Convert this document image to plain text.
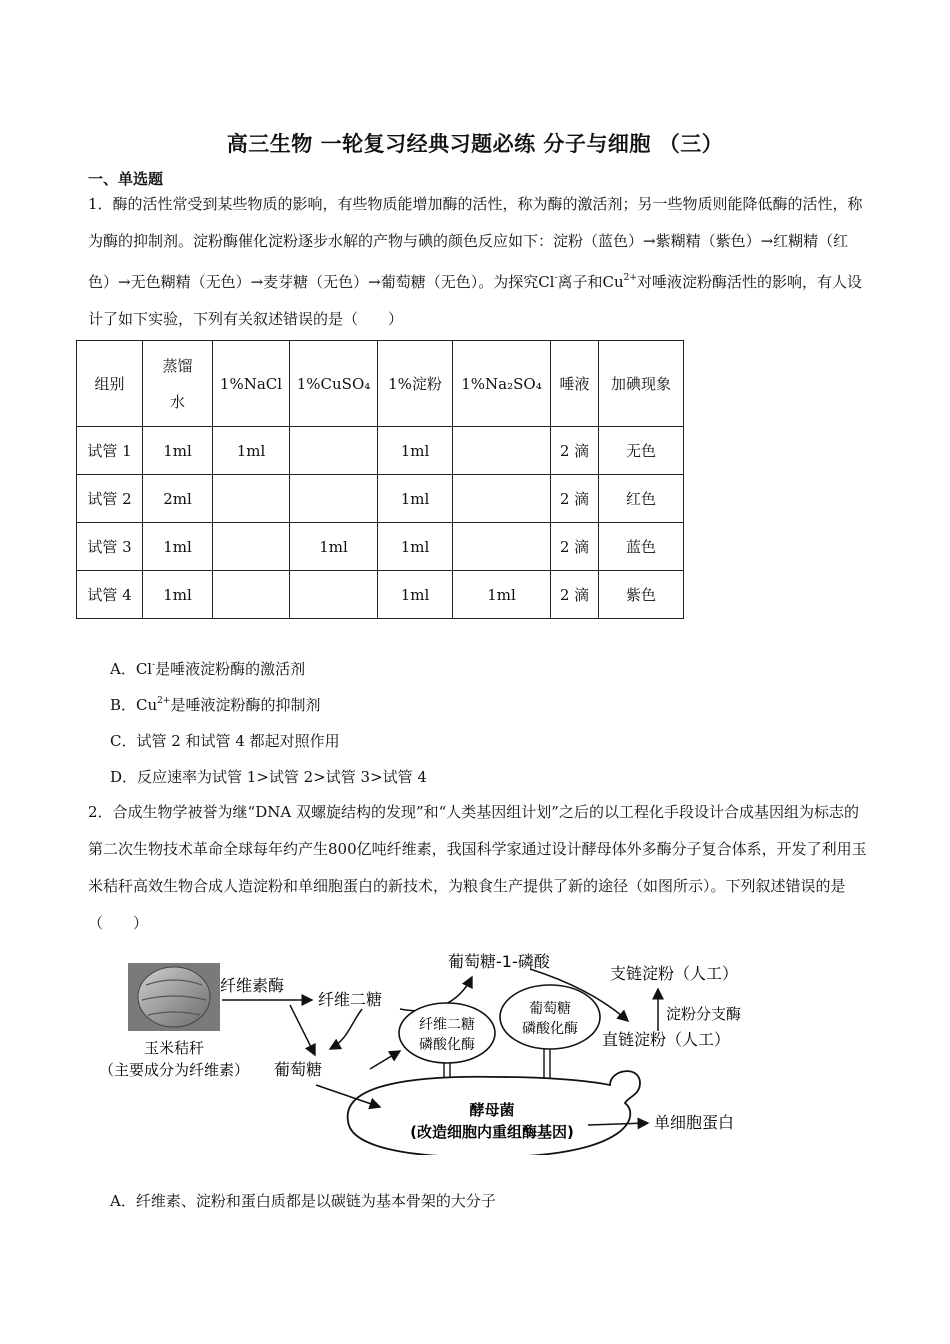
高三生物 一轮复习经典习题必练 分子与细胞 （三）
一、单选题
1．酶的活性常受到某些物质的影响，有些物质能增加酶的活性，称为酶的激活剂；另一些物质则能降低酶的活性，称为酶的抑制剂。淀粉酶催化淀粉逐步水解的产物与碘的颜色反应如下：淀粉（蓝色）→紫糊精（紫色）→红糊精（红色）→无色糊精（无色）→麦芽糖（无色）→葡萄糖（无色）。为探究Cl-离子和$Cu^{2+}$对唾液淀粉酶活性的影响，有人设计了如下实验，下列有关叙述错误的是（　　）
组别	蒸馏水	1%NaCl	1%CuSO₄	1%淀粉	1%Na₂SO₄	唾液	加碘现象
试管 1	1ml	1ml		1ml		2 滴	无色
试管 2	2ml			1ml		2 滴	红色
试管 3	1ml		1ml	1ml		2 滴	蓝色
试管 4	1ml			1ml	1ml	2 滴	紫色
A．Cl-是唾液淀粉酶的激活剂
B．$Cu^{2+}$是唾液淀粉酶的抑制剂
C．试管 2 和试管 4 都起对照作用
D．反应速率为试管 1>试管 2>试管 3>试管 4
2．合成生物学被誉为继“DNA 双螺旋结构的发现”和“人类基因组计划”之后的以工程化手段设计合成基因组为标志的第二次生物技术革命全球每年约产生800亿吨纤维素，我国科学家通过设计酵母体外多酶分子复合体系，开发了利用玉米秸秆高效生物合成人造淀粉和单细胞蛋白的新技术，为粮食生产提供了新的途径（如图所示）。下列叙述错误的是（　　）
玉米秸秆
（主要成分为纤维素）
纤维素酶
纤维二糖
葡萄糖-1-磷酸
支链淀粉（人工）
淀粉分支酶
纤维二糖
磷酸化酶
葡萄糖
磷酸化酶
直链淀粉（人工）
葡萄糖
酵母菌
(改造细胞内重组酶基因)	单细胞蛋白
A．纤维素、淀粉和蛋白质都是以碳链为基本骨架的大分子
